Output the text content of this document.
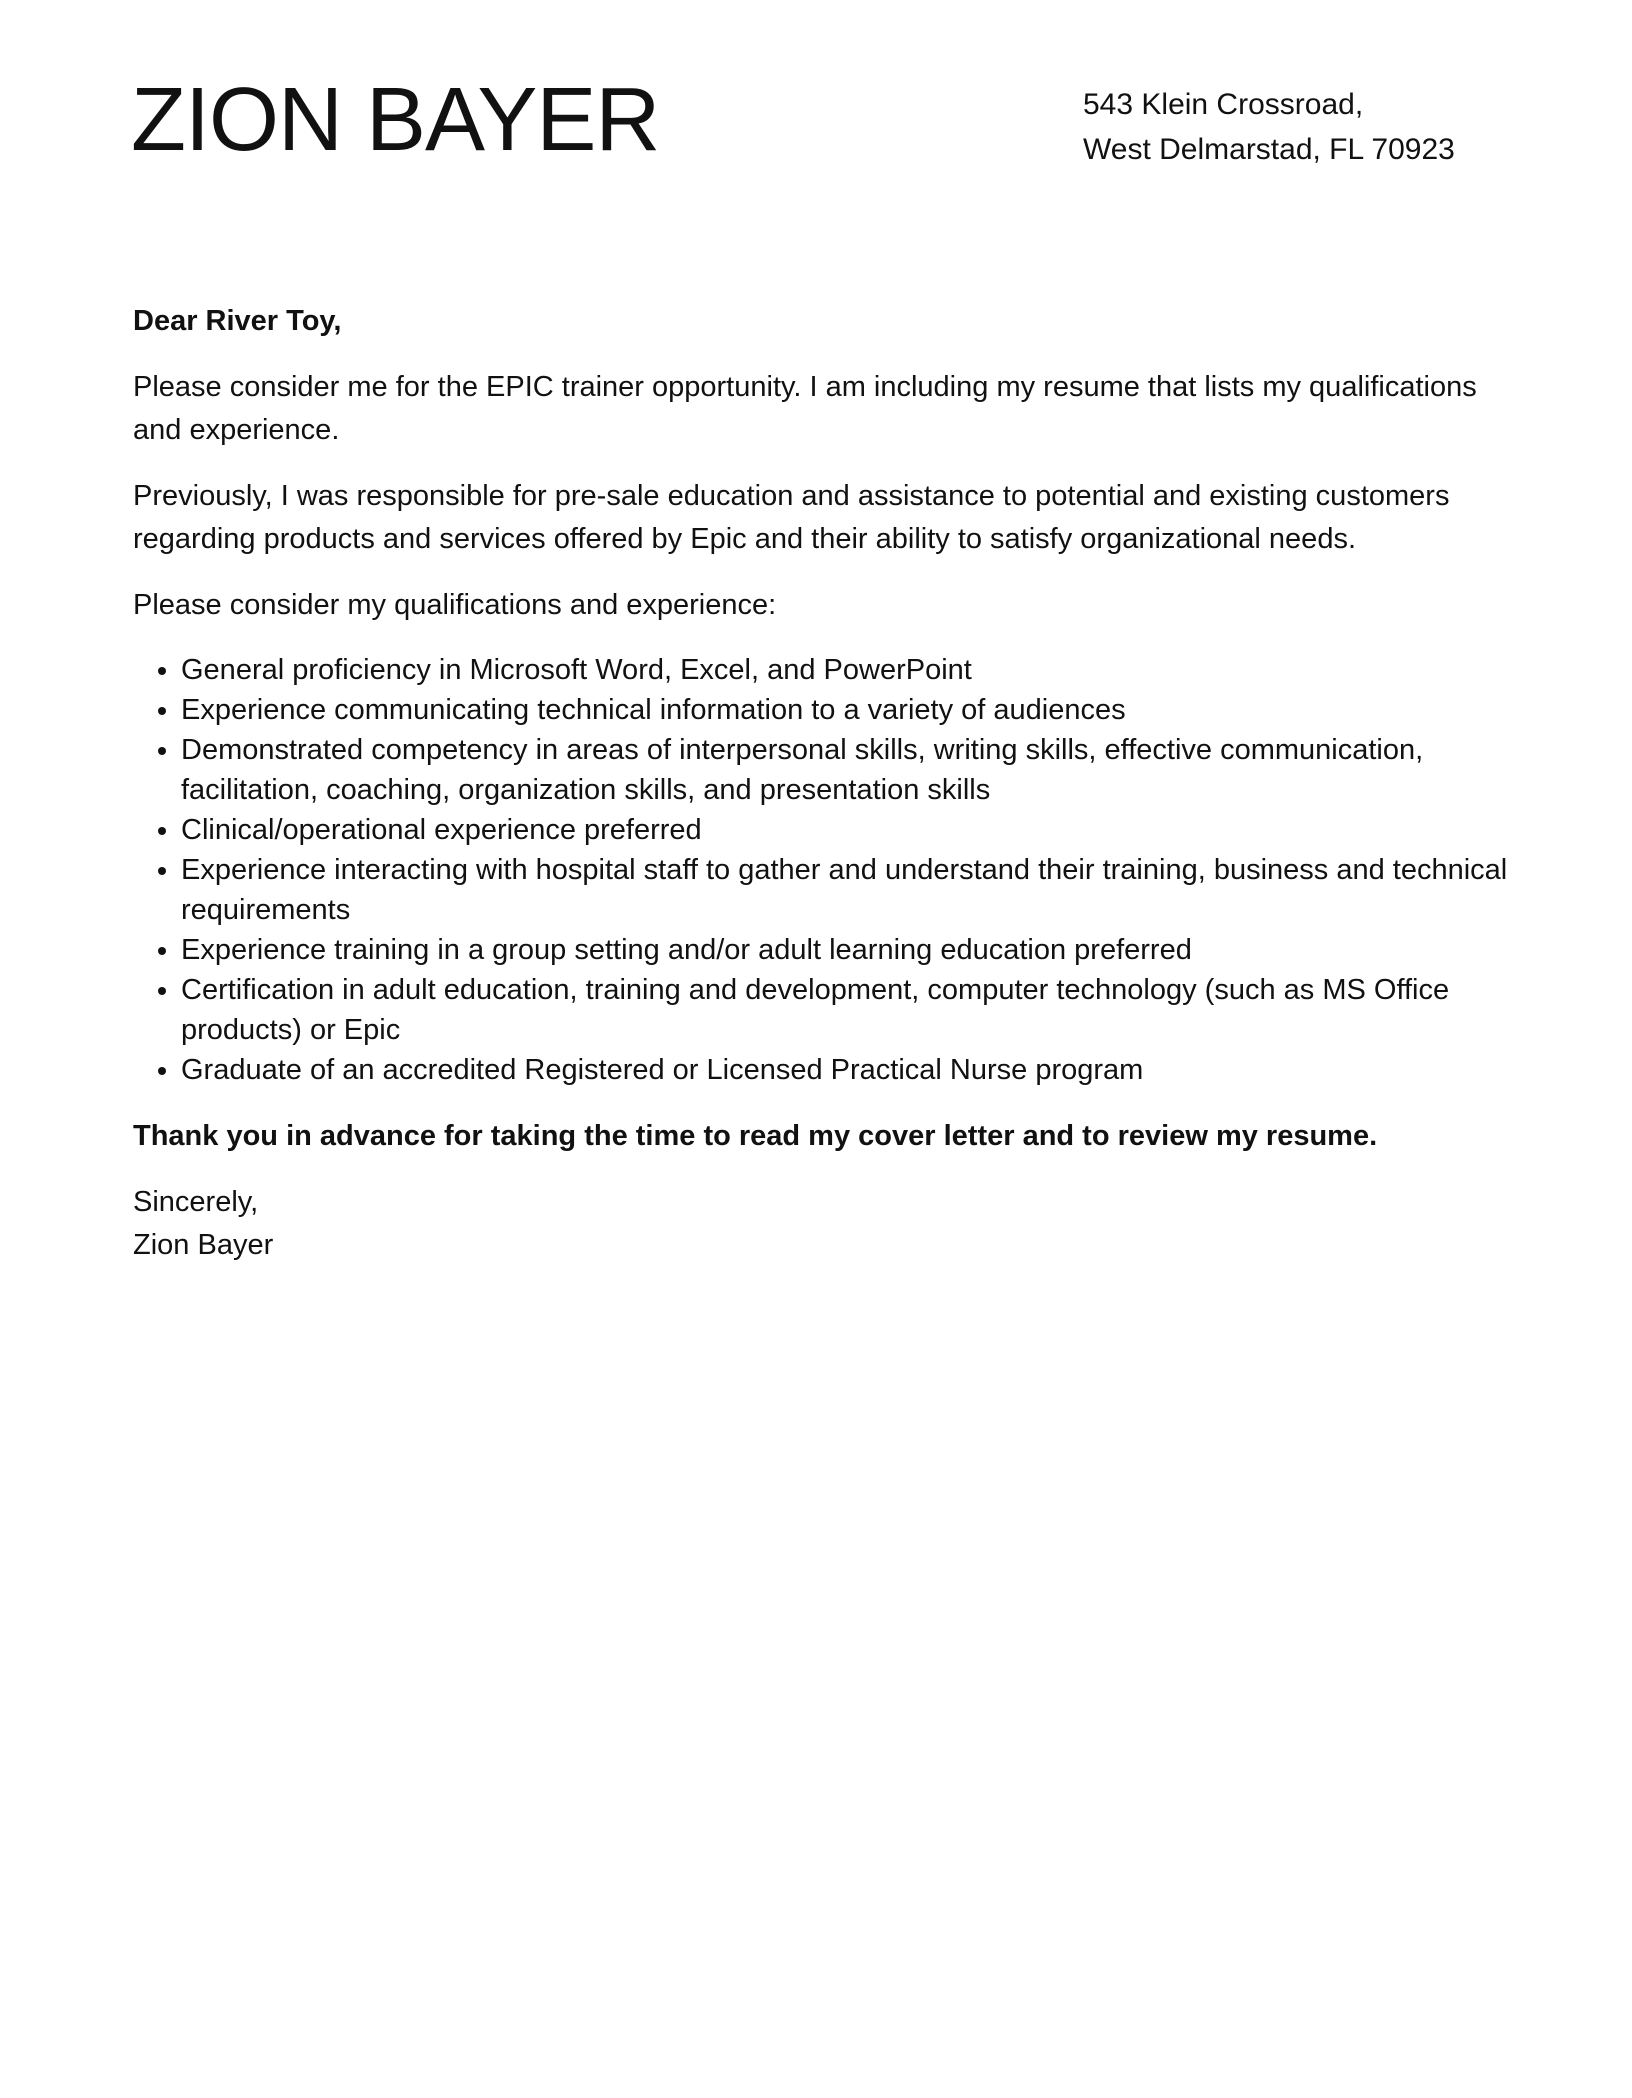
ZION BAYER	543 Klein Crossroad,
West Delmarstad, FL 70923

Dear River Toy,

Please consider me for the EPIC trainer opportunity. I am including my resume that lists my qualifications and experience.

Previously, I was responsible for pre-sale education and assistance to potential and existing customers regarding products and services offered by Epic and their ability to satisfy organizational needs.

Please consider my qualifications and experience:

• General proficiency in Microsoft Word, Excel, and PowerPoint
• Experience communicating technical information to a variety of audiences
• Demonstrated competency in areas of interpersonal skills, writing skills, effective communication, facilitation, coaching, organization skills, and presentation skills
• Clinical/operational experience preferred
• Experience interacting with hospital staff to gather and understand their training, business and technical requirements
• Experience training in a group setting and/or adult learning education preferred
• Certification in adult education, training and development, computer technology (such as MS Office products) or Epic
• Graduate of an accredited Registered or Licensed Practical Nurse program

Thank you in advance for taking the time to read my cover letter and to review my resume.

Sincerely,
Zion Bayer
